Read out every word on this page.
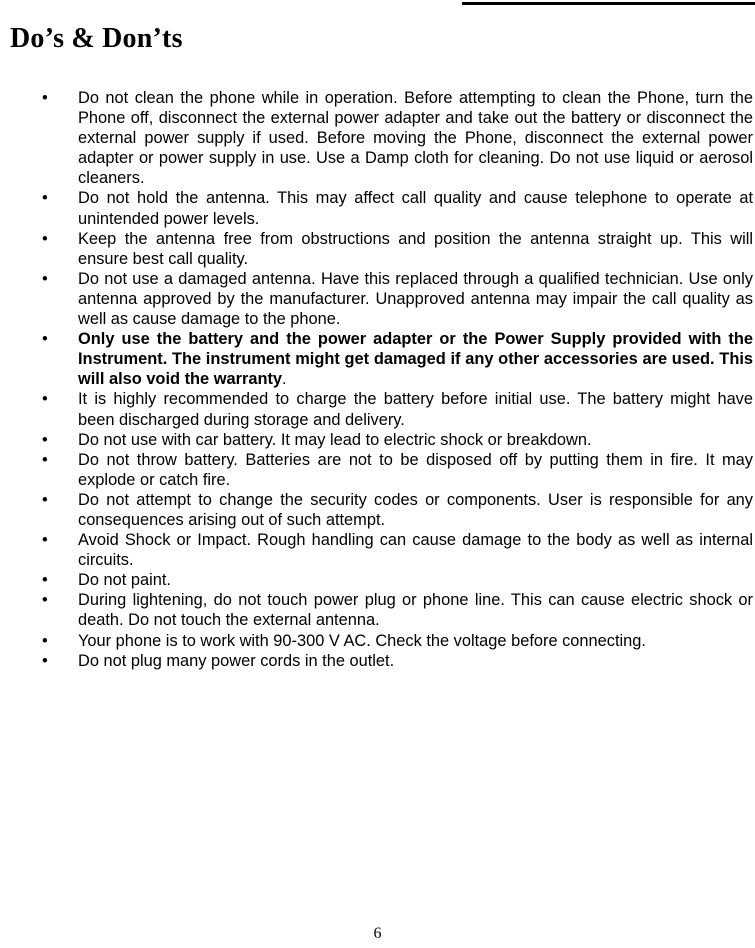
Do’s & Don’ts
•	Do not clean the phone while in operation. Before attempting to clean the Phone, turn the Phone off, disconnect the external power adapter and take out the battery or disconnect the external power supply if used. Before moving the Phone, disconnect the external power adapter or power supply in use. Use a Damp cloth for cleaning. Do not use liquid or aerosol cleaners.
•	Do not hold the antenna. This may affect call quality and cause telephone to operate at unintended power levels.
•	Keep the antenna free from obstructions and position the antenna straight up. This will ensure best call quality.
•	Do not use a damaged antenna. Have this replaced through a qualified technician. Use only antenna approved by the manufacturer. Unapproved antenna may impair the call quality as well as cause damage to the phone.
•	Only use the battery and the power adapter or the Power Supply provided with the Instrument. The instrument might get damaged if any other accessories are used. This will also void the warranty.
•	It is highly recommended to charge the battery before initial use. The battery might have been discharged during storage and delivery.
•	Do not use with car battery. It may lead to electric shock or breakdown.
•	Do not throw battery. Batteries are not to be disposed off by putting them in fire. It may explode or catch fire.
•	Do not attempt to change the security codes or components. User is responsible for any consequences arising out of such attempt.
•	Avoid Shock or Impact. Rough handling can cause damage to the body as well as internal circuits.
•	Do not paint.
•	During lightening, do not touch power plug or phone line. This can cause electric shock or death. Do not touch the external antenna.
•	Your phone is to work with 90-300 V AC. Check the voltage before connecting.
•	Do not plug many power cords in the outlet.
6
